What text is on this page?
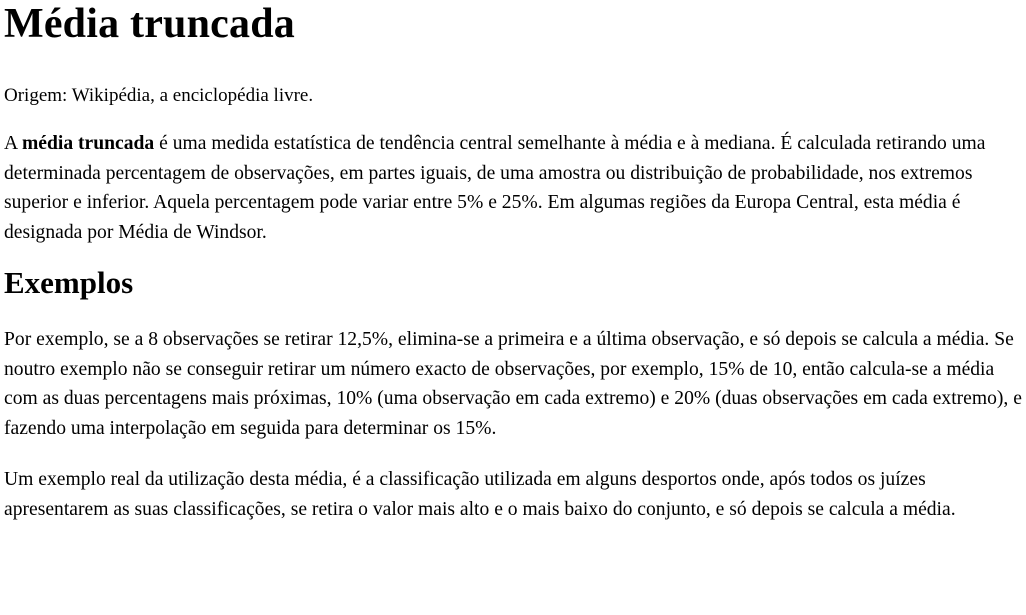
Média truncada

Origem: Wikipédia, a enciclopédia livre.

A média truncada é uma medida estatística de tendência central semelhante à média e à mediana. É calculada retirando uma determinada percentagem de observações, em partes iguais, de uma amostra ou distribuição de probabilidade, nos extremos superior e inferior. Aquela percentagem pode variar entre 5% e 25%. Em algumas regiões da Europa Central, esta média é designada por Média de Windsor.

Exemplos

Por exemplo, se a 8 observações se retirar 12,5%, elimina-se a primeira e a última observação, e só depois se calcula a média. Se noutro exemplo não se conseguir retirar um número exacto de observações, por exemplo, 15% de 10, então calcula-se a média com as duas percentagens mais próximas, 10% (uma observação em cada extremo) e 20% (duas observações em cada extremo), e fazendo uma interpolação em seguida para determinar os 15%.

Um exemplo real da utilização desta média, é a classificação utilizada em alguns desportos onde, após todos os juízes apresentarem as suas classificações, se retira o valor mais alto e o mais baixo do conjunto, e só depois se calcula a média.
